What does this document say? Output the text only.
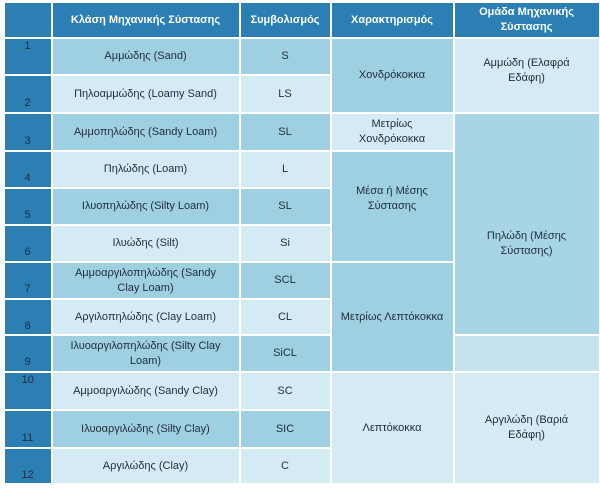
	Κλάση Μηχανικής Σύστασης	Συμβολισμός	Χαρακτηρισμός	Ομάδα Μηχανικής Σύστασης

1	Αμμώδης (Sand)	S	Χονδρόκοκκα	Αμμώδη (Ελαφρά Εδάφη)

2	Πηλοαμμώδης (Loamy Sand)	LS		

3	Αμμοπηλώδης (Sandy Loam)	SL	Μετρίως Χονδρόκοκκα	Πηλώδη (Μέσης Σύστασης)

4	Πηλώδης (Loam)	L	Μέσα ή Μέσης Σύστασης	

5	Ιλυοπηλώδης (Silty Loam)	SL		

6	Ιλυώδης (Silt)	Si		

7	Αμμοαργιλοπηλώδης (Sandy Clay Loam)	SCL	Μετρίως Λεπτόκοκκα	

8	Αργιλοπηλώδης (Clay Loam)	CL		

9	Ιλυοαργιλοπηλώδης (Silty Clay Loam)	SiCL		

10	Αμμοαργιλώδης (Sandy Clay)	SC	Λεπτόκοκκα	Αργιλώδη (Βαριά Εδάφη)

11	Ιλυοαργιλώδης (Silty Clay)	SIC		

12	Αργιλώδης (Clay)	C		
